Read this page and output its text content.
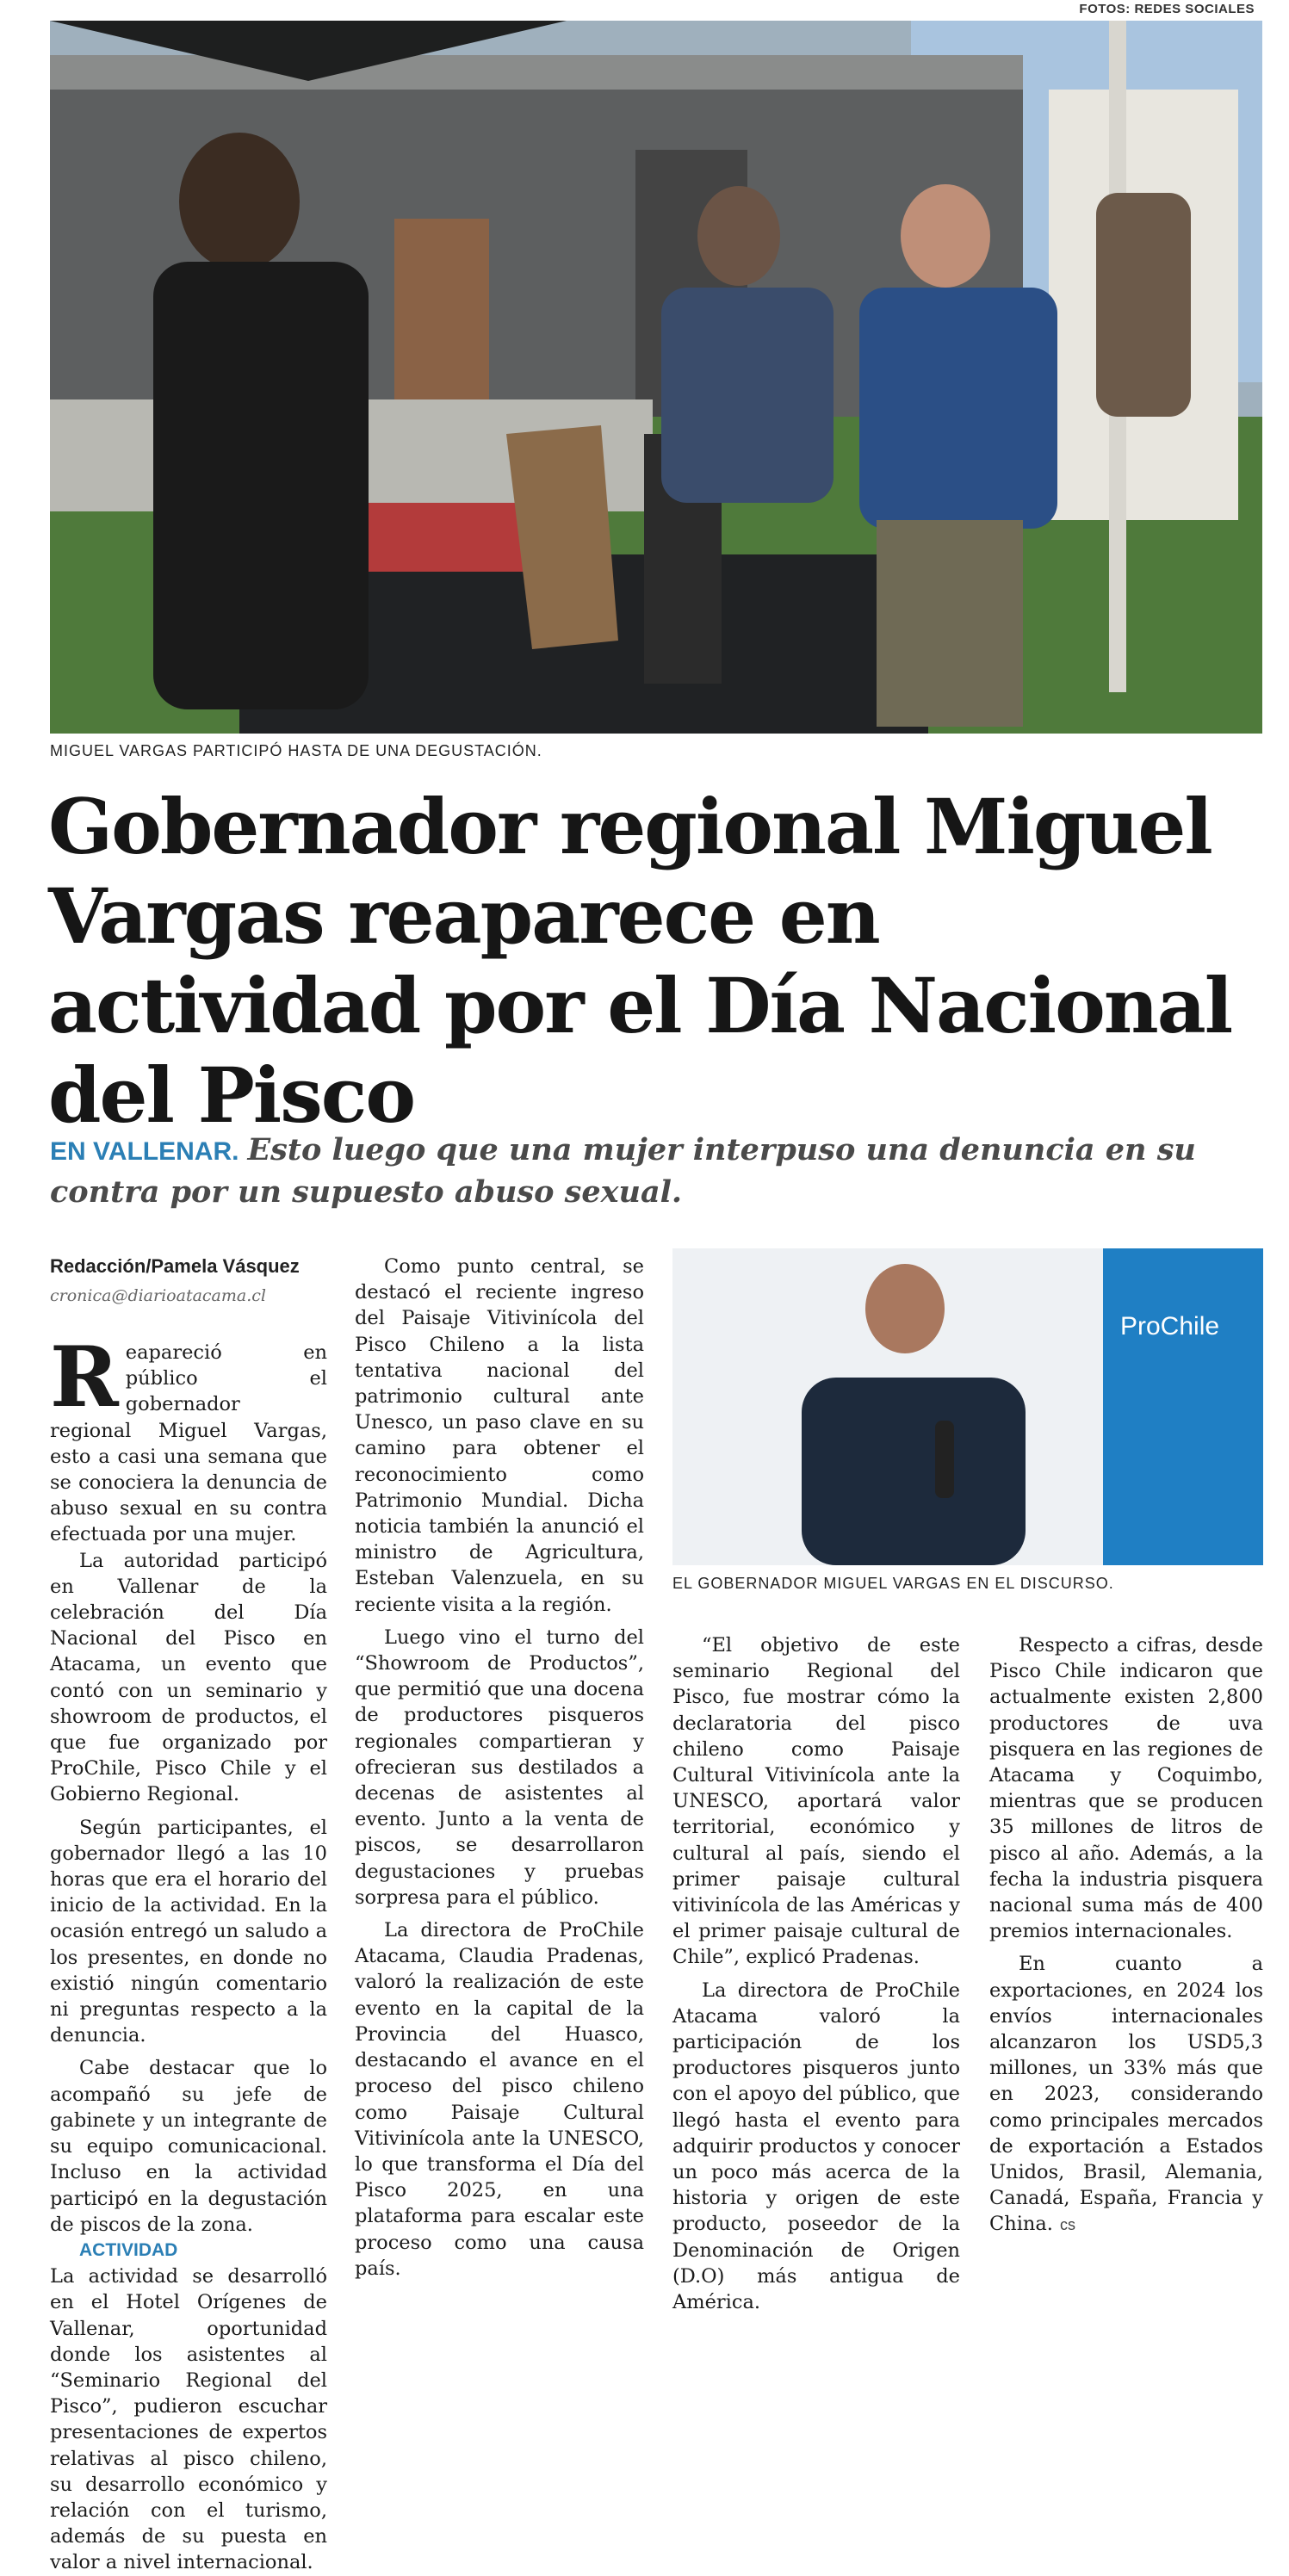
FOTOS: REDES SOCIALES
MIGUEL VARGAS PARTICIPÓ HASTA DE UNA DEGUSTACIÓN.
Gobernador regional Miguel Vargas reaparece en actividad por el Día Nacional del Pisco

EN VALLENAR. Esto luego que una mujer interpuso una denuncia en su contra por un supuesto abuso sexual.

Redacción/Pamela Vásquez
cronica@diarioatacama.cl

Reapareció en público el gobernador regional Miguel Vargas, esto a casi una semana que se conociera la denuncia de abuso sexual en su contra efectuada por una mujer.

La autoridad participó en Vallenar de la celebración del Día Nacional del Pisco en Atacama, un evento que contó con un seminario y showroom de productos, el que fue organizado por ProChile, Pisco Chile y el Gobierno Regional.

Según participantes, el gobernador llegó a las 10 horas que era el horario del inicio de la actividad. En la ocasión entregó un saludo a los presentes, en donde no existió ningún comentario ni preguntas respecto a la denuncia.

Cabe destacar que lo acompañó su jefe de gabinete y un integrante de su equipo comunicacional. Incluso en la actividad participó en la degustación de piscos de la zona.

ACTIVIDAD

La actividad se desarrolló en el Hotel Orígenes de Vallenar, oportunidad donde los asistentes al “Seminario Regional del Pisco”, pudieron escuchar presentaciones de expertos relativas al pisco chileno, su desarrollo económico y relación con el turismo, además de su puesta en valor a nivel internacional.

Como punto central, se destacó el reciente ingreso del Paisaje Vitivinícola del Pisco Chileno a la lista tentativa nacional del patrimonio cultural ante Unesco, un paso clave en su camino para obtener el reconocimiento como Patrimonio Mundial. Dicha noticia también la anunció el ministro de Agricultura, Esteban Valenzuela, en su reciente visita a la región.

Luego vino el turno del “Showroom de Productos”, que permitió que una docena de productores pisqueros regionales compartieran y ofrecieran sus destilados a decenas de asistentes al evento. Junto a la venta de piscos, se desarrollaron degustaciones y pruebas sorpresa para el público.

La directora de ProChile Atacama, Claudia Pradenas, valoró la realización de este evento en la capital de la Provincia del Huasco, destacando el avance en el proceso del pisco chileno como Paisaje Cultural Vitivinícola ante la UNESCO, lo que transforma el Día del Pisco 2025, en una plataforma para escalar este proceso como una causa país.

ProChile
EL GOBERNADOR MIGUEL VARGAS EN EL DISCURSO.

“El objetivo de este seminario Regional del Pisco, fue mostrar cómo la declaratoria del pisco chileno como Paisaje Cultural Vitivinícola ante la UNESCO, aportará valor territorial, económico y cultural al país, siendo el primer paisaje cultural vitivinícola de las Américas y el primer paisaje cultural de Chile”, explicó Pradenas.

La directora de ProChile Atacama valoró la participación de los productores pisqueros junto con el apoyo del público, que llegó hasta el evento para adquirir productos y conocer un poco más acerca de la historia y origen de este producto, poseedor de la Denominación de Origen (D.O) más antigua de América.

Respecto a cifras, desde Pisco Chile indicaron que actualmente existen 2,800 productores de uva pisquera en las regiones de Atacama y Coquimbo, mientras que se producen 35 millones de litros de pisco al año. Además, a la fecha la industria pisquera nacional suma más de 400 premios internacionales.

En cuanto a exportaciones, en 2024 los envíos internacionales alcanzaron los USD5,3 millones, un 33% más que en 2023, considerando como principales mercados de exportación a Estados Unidos, Brasil, Alemania, Canadá, España, Francia y China. cs
